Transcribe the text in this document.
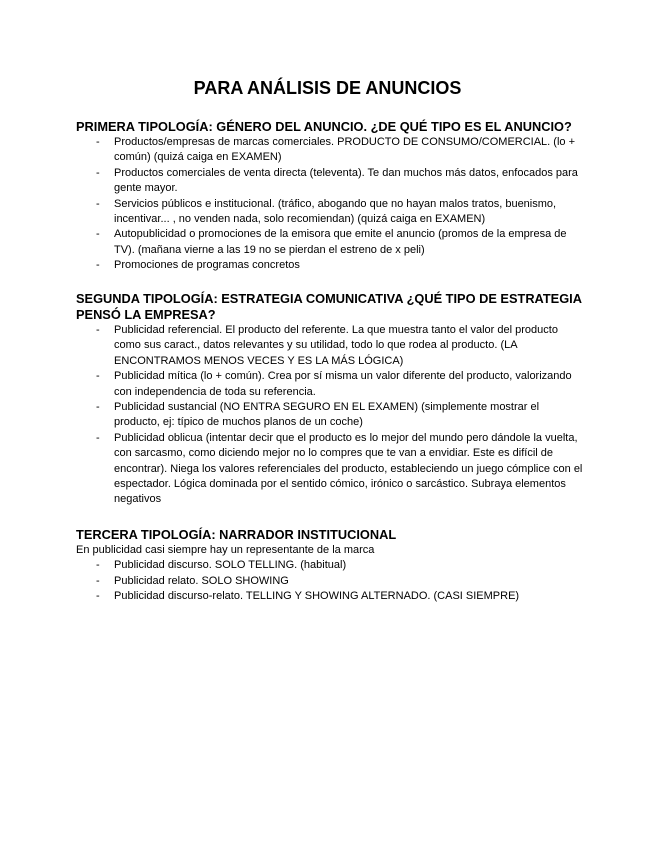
PARA ANÁLISIS DE ANUNCIOS
PRIMERA TIPOLOGÍA: GÉNERO DEL ANUNCIO. ¿DE QUÉ TIPO ES EL ANUNCIO?
- Productos/empresas de marcas comerciales. PRODUCTO DE CONSUMO/COMERCIAL. (lo + común) (quizá caiga en EXAMEN)
- Productos comerciales de venta directa (televenta). Te dan muchos más datos, enfocados para gente mayor.
- Servicios públicos e institucional. (tráfico, abogando que no hayan malos tratos, buenismo, incentivar... , no venden nada, solo recomiendan) (quizá caiga en EXAMEN)
- Autopublicidad o promociones de la emisora que emite el anuncio (promos de la empresa de TV). (mañana vierne a las 19 no se pierdan el estreno de x peli)
- Promociones de programas concretos
SEGUNDA TIPOLOGÍA: ESTRATEGIA COMUNICATIVA ¿QUÉ TIPO DE ESTRATEGIA PENSÓ LA EMPRESA?
- Publicidad referencial. El producto del referente. La que muestra tanto el valor del producto como sus caract., datos relevantes y su utilidad, todo lo que rodea al producto. (LA ENCONTRAMOS MENOS VECES Y ES LA MÁS LÓGICA)
- Publicidad mítica (lo + común). Crea por sí misma un valor diferente del producto, valorizando con independencia de toda su referencia.
- Publicidad sustancial (NO ENTRA SEGURO EN EL EXAMEN) (simplemente mostrar el producto, ej: típico de muchos planos de un coche)
- Publicidad oblicua (intentar decir que el producto es lo mejor del mundo pero dándole la vuelta, con sarcasmo, como diciendo mejor no lo compres que te van a envidiar. Este es difícil de encontrar). Niega los valores referenciales del producto, estableciendo un juego cómplice con el espectador. Lógica dominada por el sentido cómico, irónico o sarcástico. Subraya elementos negativos
TERCERA TIPOLOGÍA: NARRADOR INSTITUCIONAL

En publicidad casi siempre hay un representante de la marca

- Publicidad discurso. SOLO TELLING. (habitual)
- Publicidad relato. SOLO SHOWING
- Publicidad discurso-relato. TELLING Y SHOWING ALTERNADO. (CASI SIEMPRE)
